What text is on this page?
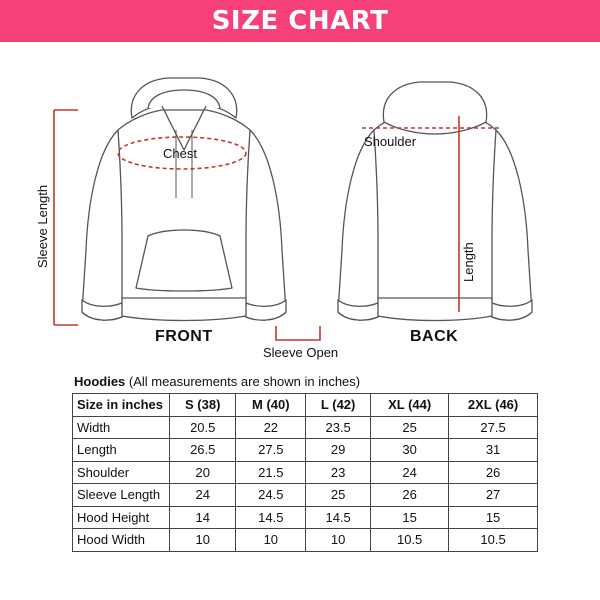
SIZE CHART
Chest
Sleeve Length
FRONT
Sleeve Open
Shoulder
Length
BACK
Hoodies (All measurements are shown in inches)
Size in inches	S (38)	M (40)	L (42)	XL (44)	2XL (46)
Width	20.5	22	23.5	25	27.5
Length	26.5	27.5	29	30	31
Shoulder	20	21.5	23	24	26
Sleeve Length	24	24.5	25	26	27
Hood Height	14	14.5	14.5	15	15
Hood Width	10	10	10	10.5	10.5
